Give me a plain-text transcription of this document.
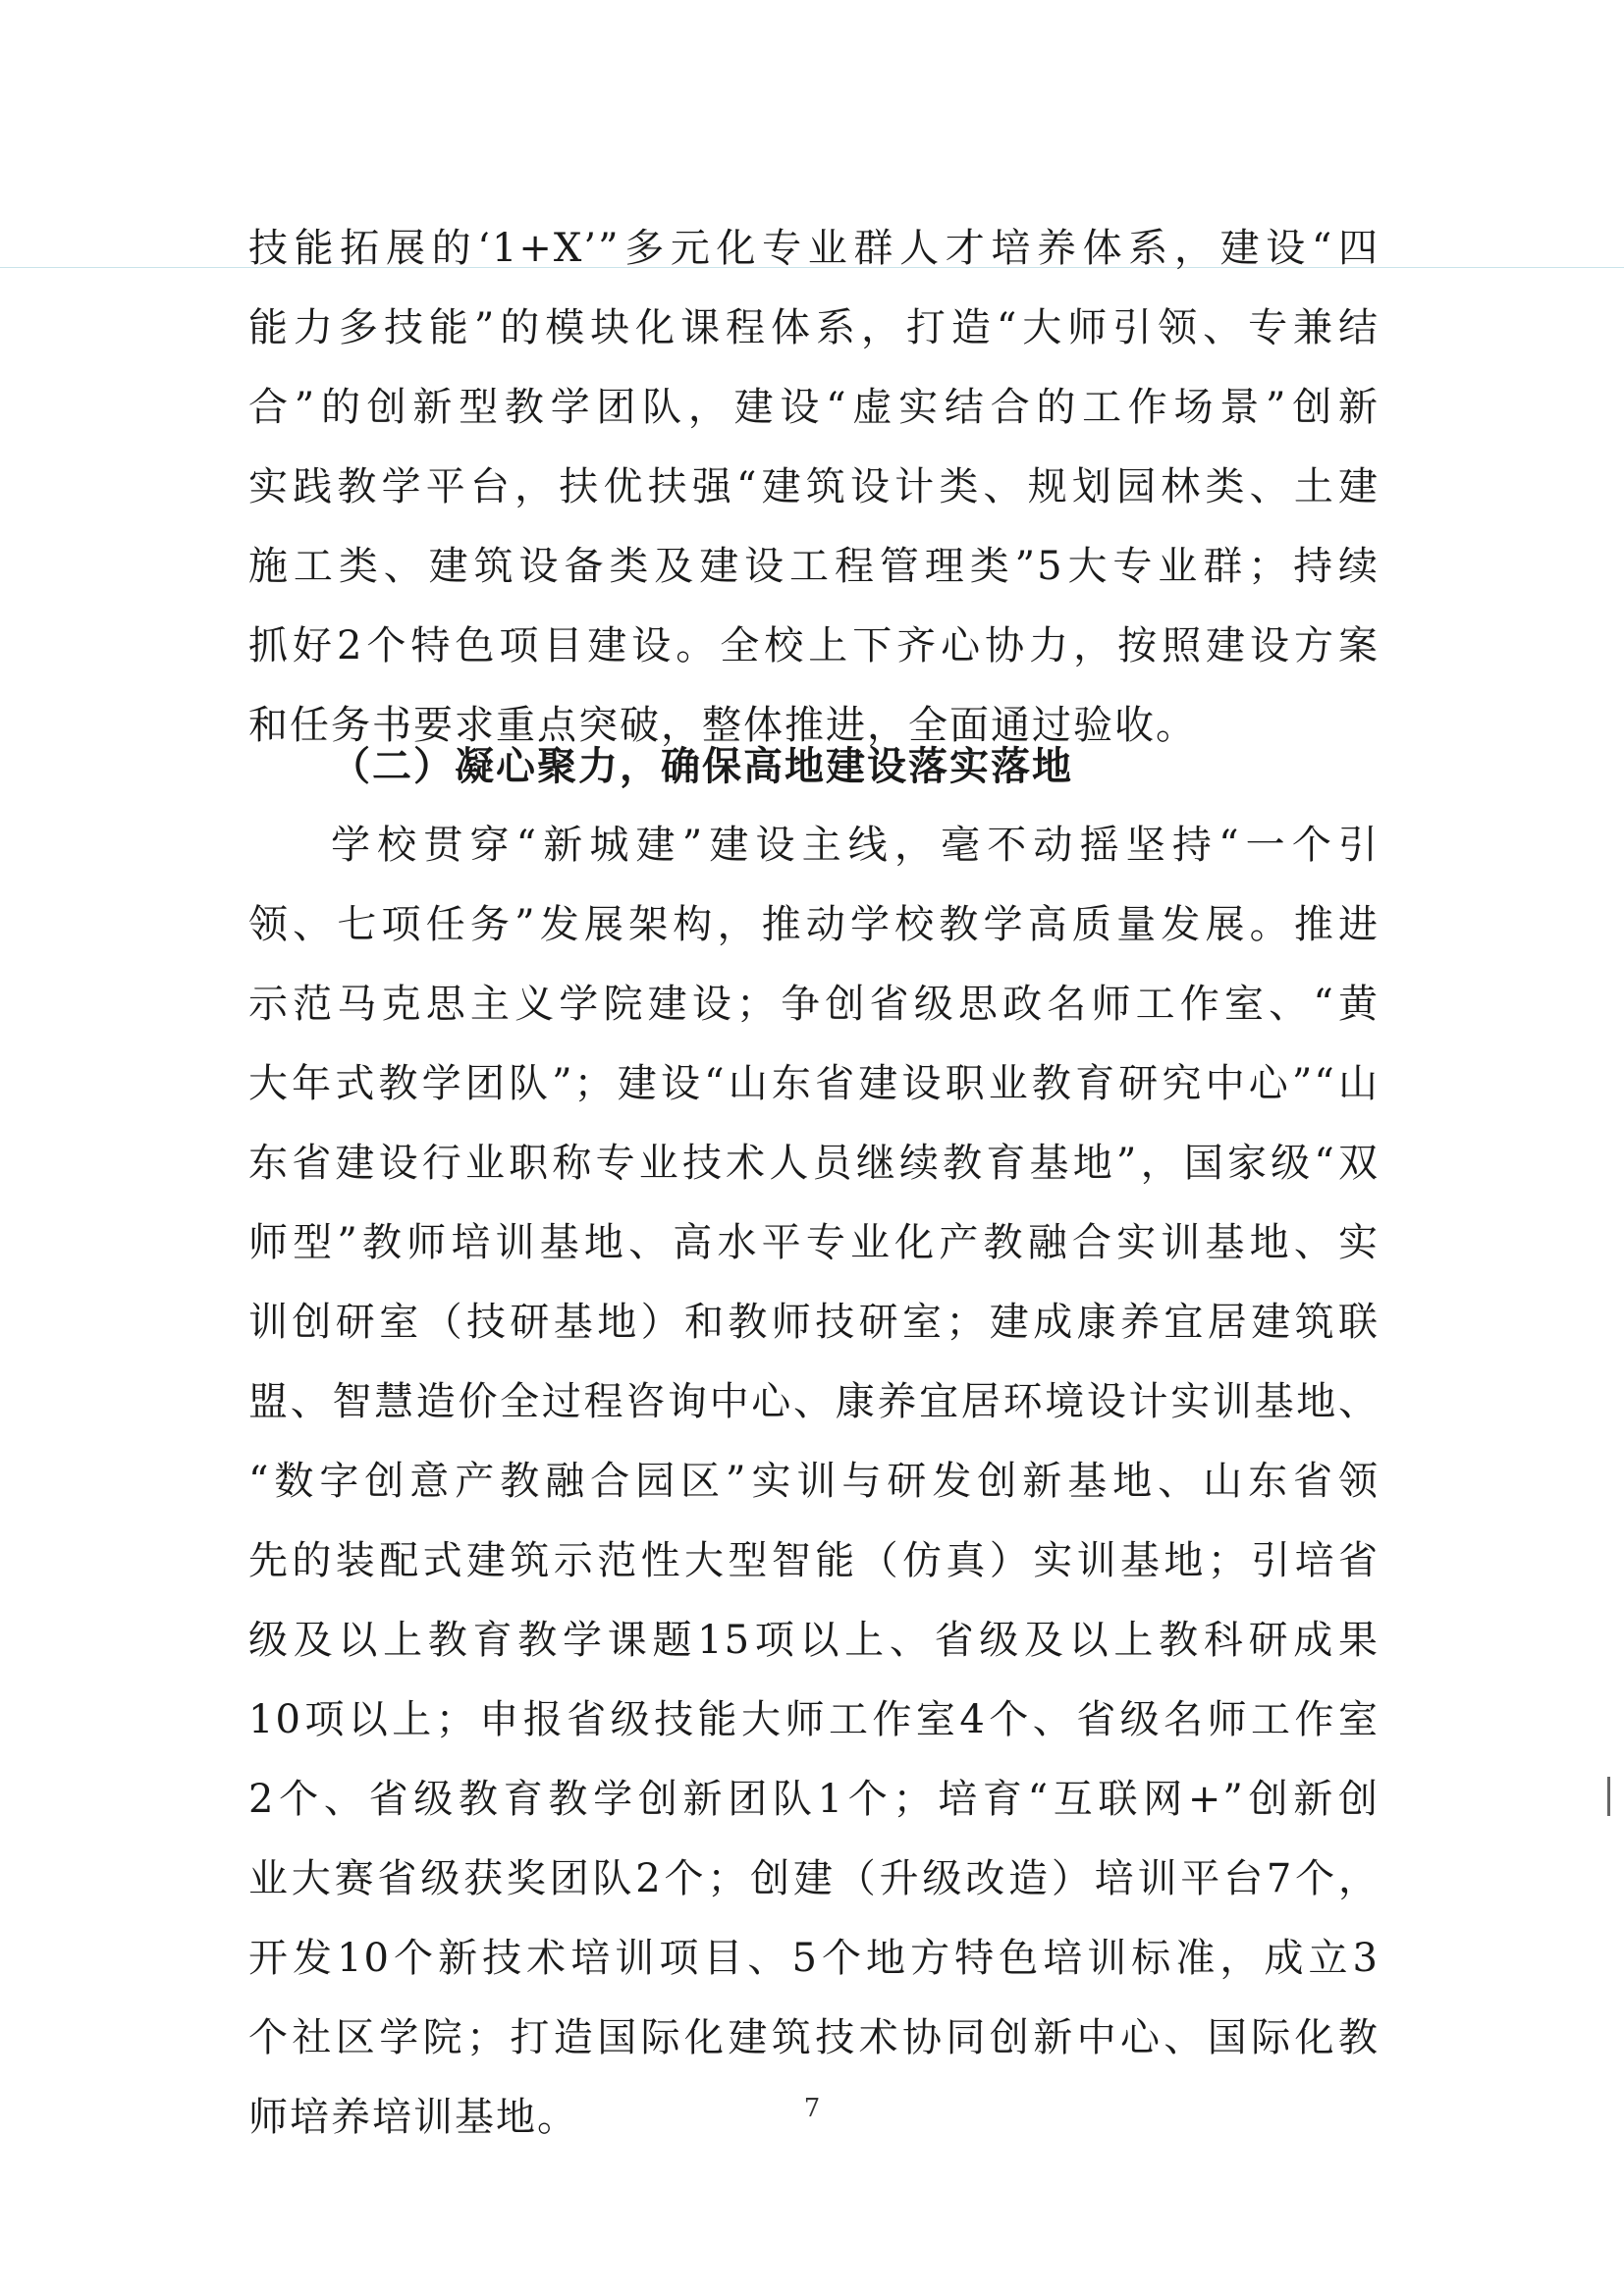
技能拓展的‘1+X’”多元化专业群人才培养体系，建设“四
能力多技能”的模块化课程体系，打造“大师引领、专兼结
合”的创新型教学团队，建设“虚实结合的工作场景”创新
实践教学平台，扶优扶强“建筑设计类、规划园林类、土建
施工类、建筑设备类及建设工程管理类”5大专业群；持续
抓好2个特色项目建设。全校上下齐心协力，按照建设方案
和任务书要求重点突破，整体推进，全面通过验收。
（二）凝心聚力，确保高地建设落实落地
学校贯穿“新城建”建设主线，毫不动摇坚持“一个引
领、七项任务”发展架构，推动学校教学高质量发展。推进
示范马克思主义学院建设；争创省级思政名师工作室、“黄
大年式教学团队”；建设“山东省建设职业教育研究中心”“山
东省建设行业职称专业技术人员继续教育基地”，国家级“双
师型”教师培训基地、高水平专业化产教融合实训基地、实
训创研室（技研基地）和教师技研室；建成康养宜居建筑联
盟、智慧造价全过程咨询中心、康养宜居环境设计实训基地、
“数字创意产教融合园区”实训与研发创新基地、山东省领
先的装配式建筑示范性大型智能（仿真）实训基地；引培省
级及以上教育教学课题15项以上、省级及以上教科研成果
10项以上；申报省级技能大师工作室4个、省级名师工作室
2个、省级教育教学创新团队1个；培育“互联网+”创新创
业大赛省级获奖团队2个；创建（升级改造）培训平台7个，
开发10个新技术培训项目、5个地方特色培训标准，成立3
个社区学院；打造国际化建筑技术协同创新中心、国际化教
师培养培训基地。	7
